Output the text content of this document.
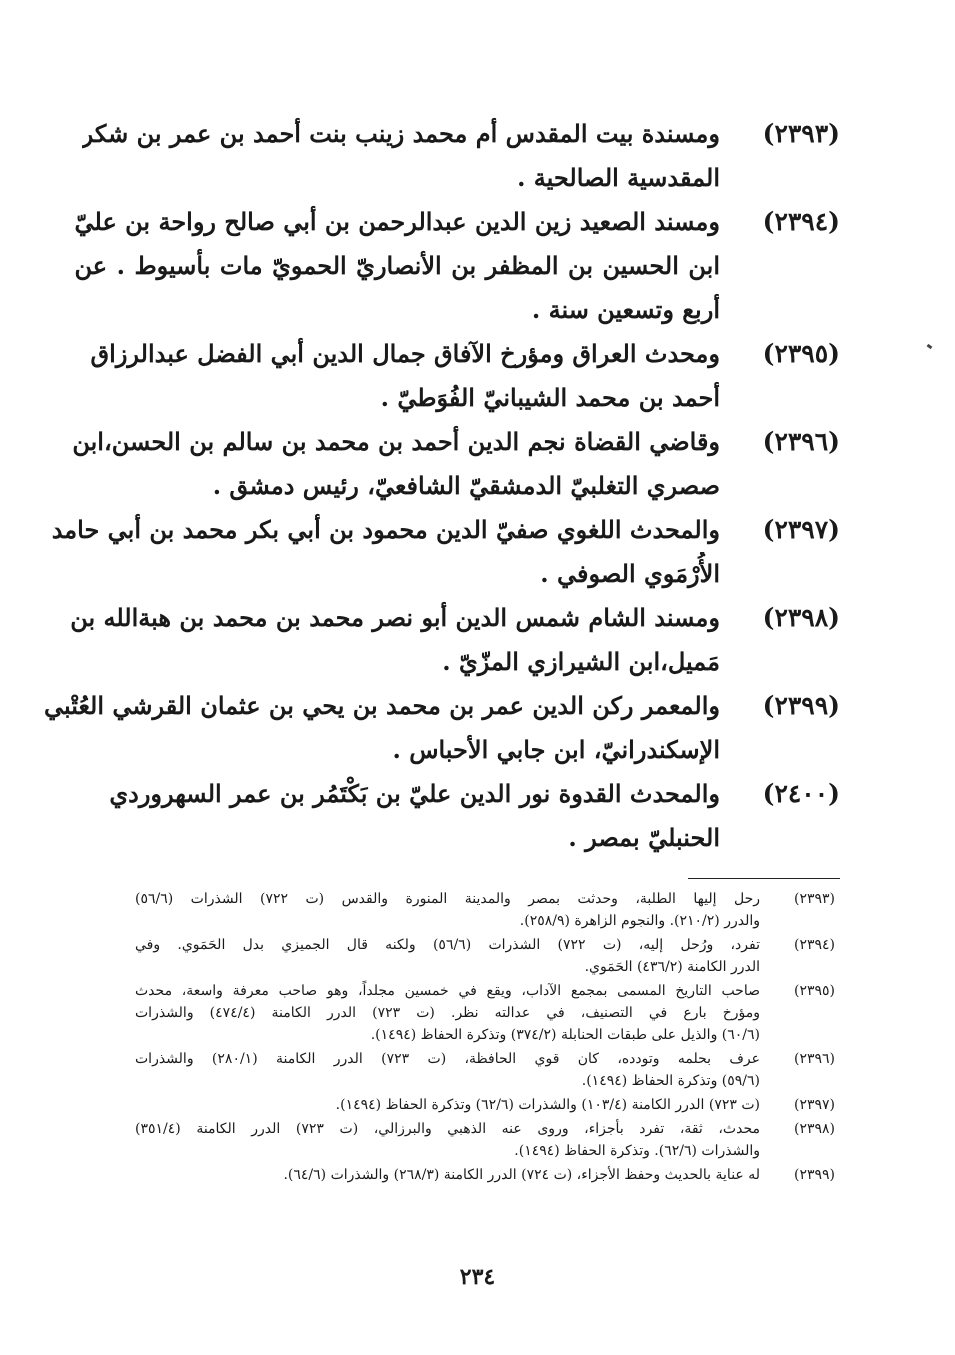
(٢٣٩٣)
ومسندة بيت المقدس أم محمد زينب بنت أحمد بن عمر بن شكر
المقدسية الصالحية .
(٢٣٩٤)
ومسند الصعيد زين الدين عبدالرحمن بن أبي صالح رواحة بن عليّ
ابن الحسين بن المظفر بن الأنصاريّ الحمويّ مات بأسيوط . عن
أربع وتسعين سنة .
(٢٣٩٥)
ومحدث العراق ومؤرخ الآفاق جمال الدين أبي الفضل عبدالرزاق
أحمد بن محمد الشيبانيّ الفُوَطيّ .
(٢٣٩٦)
وقاضي القضاة نجم الدين أحمد بن محمد بن سالم بن الحسن،ابن
صصري التغلبيّ الدمشقيّ الشافعيّ، رئيس دمشق .
(٢٣٩٧)
والمحدث اللغوي صفيّ الدين محمود بن أبي بكر محمد بن أبي حامد
الأُرْمَوي الصوفي .
(٢٣٩٨)
ومسند الشام شمس الدين أبو نصر محمد بن محمد بن هبةالله بن
مَميل،ابن الشيرازي المزّيّ .
(٢٣٩٩)
والمعمر ركن الدين عمر بن محمد بن يحي بن عثمان القرشي العُتْبي
الإسكندرانيّ، ابن جابي الأحباس .
(٢٤٠٠)
والمحدث القدوة نور الدين عليّ بن بَكْتَمُر بن عمر السهروردي
الحنبليّ بمصر .
(٢٣٩٣)
رحل إليها الطلبة، وحدثت بمصر والمدينة المنورة والقدس (ت ٧٢٢) الشذرات (٥٦/٦)
والدرر (٢١٠/٢). والنجوم الزاهرة (٢٥٨/٩).
(٢٣٩٤)
تفرد، ورُحل إليه، (ت ٧٢٢) الشذرات (٥٦/٦) ولكنه قال الجميزي بدل الحَمَوي. وفي
الدرر الكامنة (٤٣٦/٢) الحَمَوي.
(٢٣٩٥)
صاحب التاريخ المسمى بمجمع الآداب، ويقع في خمسين مجلداً، وهو صاحب معرفة واسعة، محدث
ومؤرخ بارع في التصنيف، في عدالته نظر. (ت ٧٢٣) الدرر الكامنة (٤٧٤/٤) والشذرات
(٦٠/٦) والذيل على طبقات الحنابلة (٣٧٤/٢) وتذكرة الحفاظ (١٤٩٤).
(٢٣٩٦)
عرف بحلمه وتودده، كان قوي الحافظة، (ت ٧٢٣) الدرر الكامنة (٢٨٠/١) والشذرات
(٥٩/٦) وتذكرة الحفاظ (١٤٩٤).
(٢٣٩٧)
(ت ٧٢٣) الدرر الكامنة (١٠٣/٤) والشذرات (٦٢/٦) وتذكرة الحفاظ (١٤٩٤).
(٢٣٩٨)
محدث، ثقة، تفرد بأجزاء، وروى عنه الذهبي والبرزالي، (ت ٧٢٣) الدرر الكامنة (٣٥١/٤)
والشذرات (٦٢/٦). وتذكرة الحفاظ (١٤٩٤).
(٢٣٩٩)
له عناية بالحديث وحفظ الأجزاء، (ت ٧٢٤) الدرر الكامنة (٢٦٨/٣) والشذرات (٦٤/٦).
٢٣٤
